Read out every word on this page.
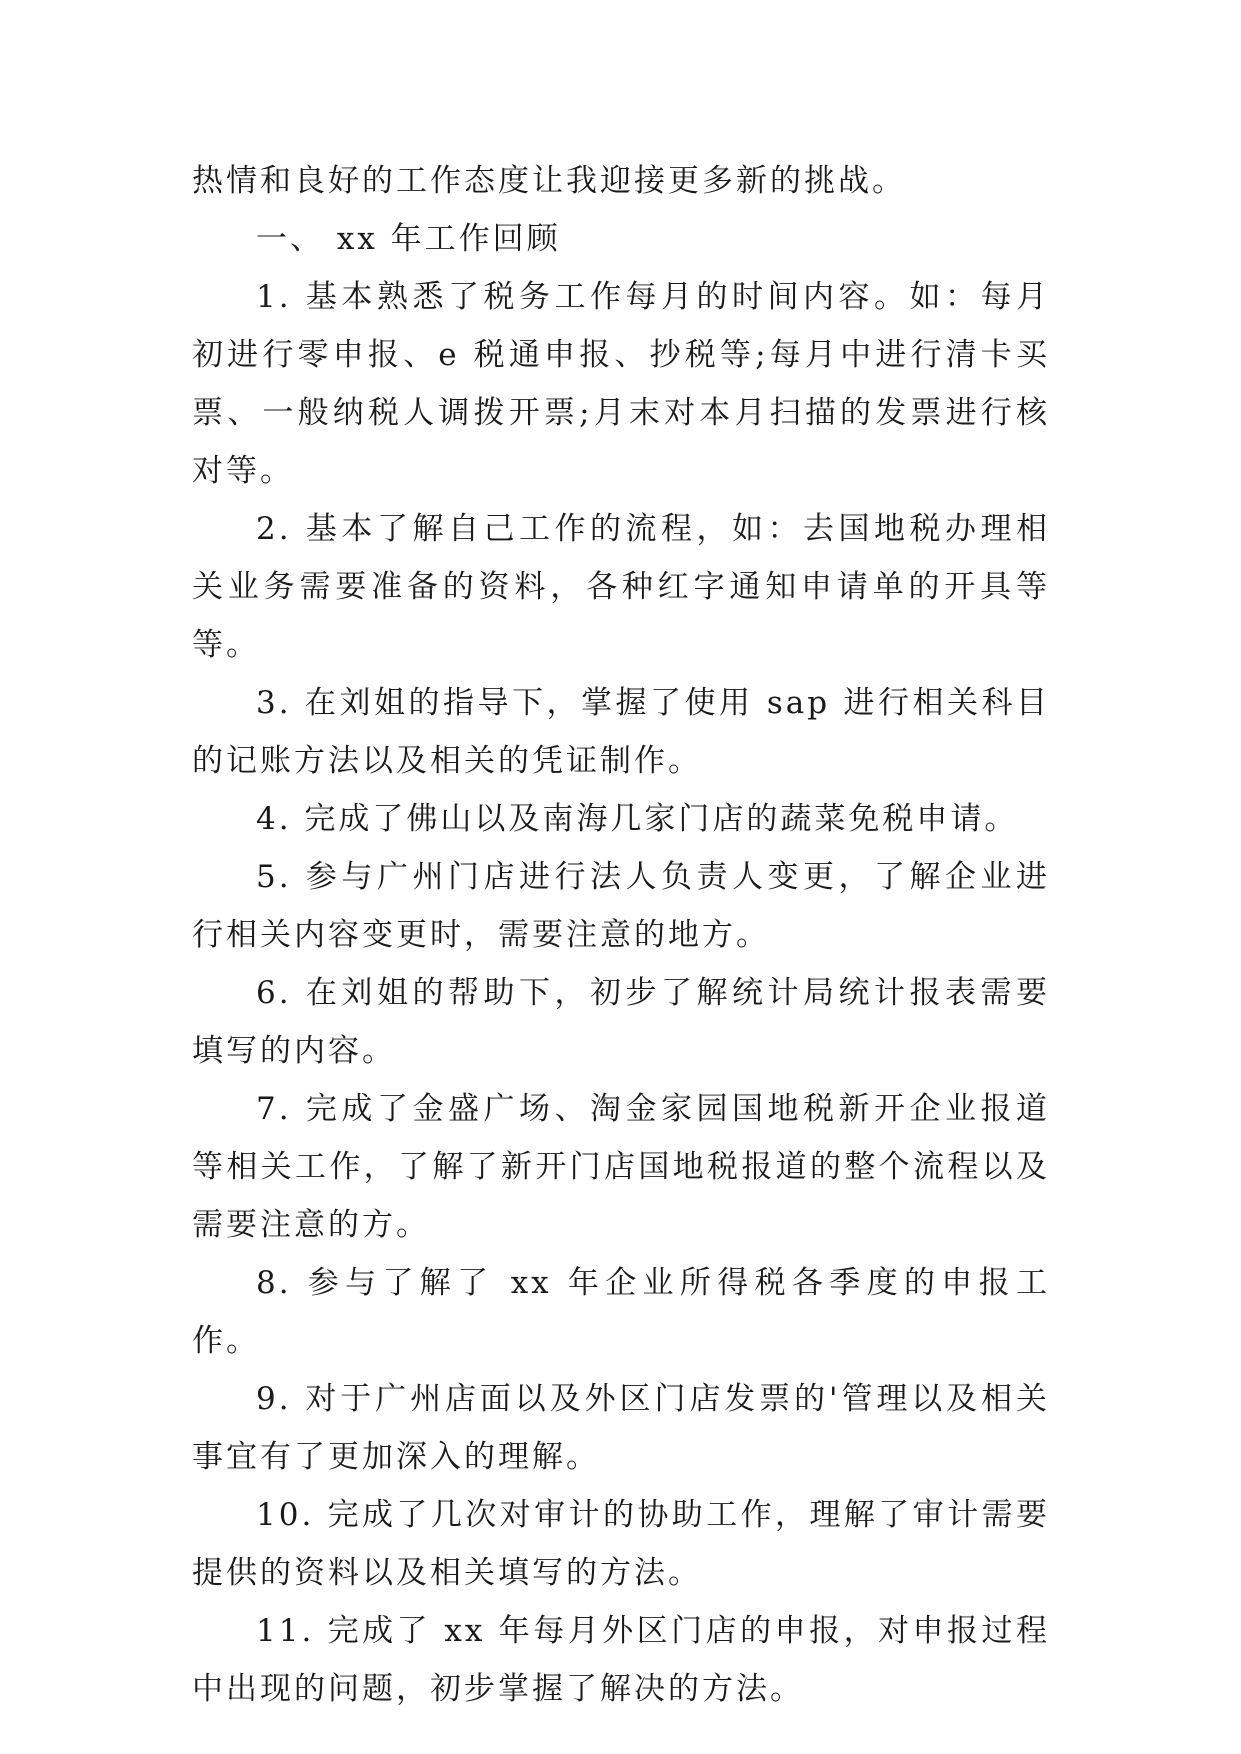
热情和良好的工作态度让我迎接更多新的挑战。

一、 xx 年工作回顾

1. 基本熟悉了税务工作每月的时间内容。如：每月初进行零申报、e 税通申报、抄税等;每月中进行清卡买票、一般纳税人调拨开票;月末对本月扫描的发票进行核对等。

2. 基本了解自己工作的流程，如：去国地税办理相关业务需要准备的资料，各种红字通知申请单的开具等等。

3. 在刘姐的指导下，掌握了使用 sap 进行相关科目的记账方法以及相关的凭证制作。

4. 完成了佛山以及南海几家门店的蔬菜免税申请。

5. 参与广州门店进行法人负责人变更，了解企业进行相关内容变更时，需要注意的地方。

6. 在刘姐的帮助下，初步了解统计局统计报表需要填写的内容。

7. 完成了金盛广场、淘金家园国地税新开企业报道等相关工作，了解了新开门店国地税报道的整个流程以及需要注意的方。

8. 参与了解了 xx 年企业所得税各季度的申报工作。

9. 对于广州店面以及外区门店发票的'管理以及相关事宜有了更加深入的理解。

10. 完成了几次对审计的协助工作，理解了审计需要提供的资料以及相关填写的方法。

11. 完成了 xx 年每月外区门店的申报，对申报过程中出现的问题，初步掌握了解决的方法。
